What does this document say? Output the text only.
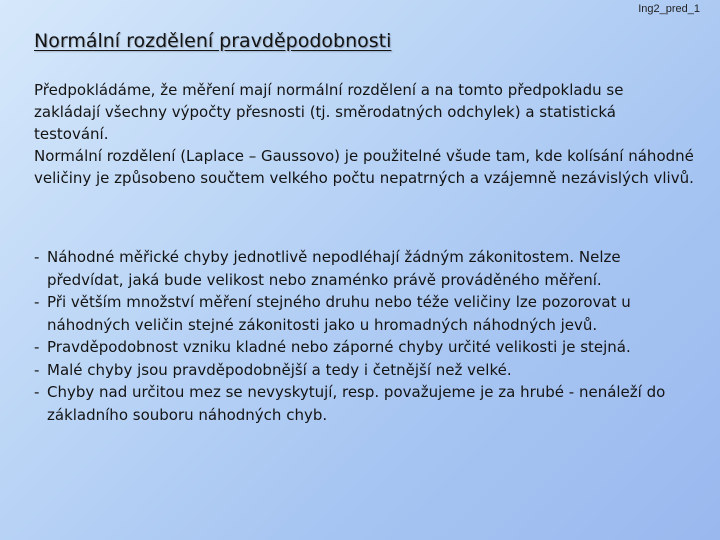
Ing2_pred_1
Normální rozdělení pravděpodobnosti

Předpokládáme, že měření mají normální rozdělení a na tomto předpokladu se zakládají všechny výpočty přesnosti (tj. směrodatných odchylek) a statistická testování.

Normální rozdělení (Laplace – Gaussovo) je použitelné všude tam, kde kolísání náhodné veličiny je způsobeno součtem velkého počtu nepatrných a vzájemně nezávislých vlivů.

- Náhodné měřické chyby jednotlivě nepodléhají žádným zákonitostem. Nelze předvídat, jaká bude velikost nebo znaménko právě prováděného měření.
- Při větším množství měření stejného druhu nebo téže veličiny lze pozorovat u náhodných veličin stejné zákonitosti jako u hromadných náhodných jevů.
- Pravděpodobnost vzniku kladné nebo záporné chyby určité velikosti je stejná.
- Malé chyby jsou pravděpodobnější a tedy i četnější než velké.
- Chyby nad určitou mez se nevyskytují, resp. považujeme je za hrubé - nenáleží do základního souboru náhodných chyb.
